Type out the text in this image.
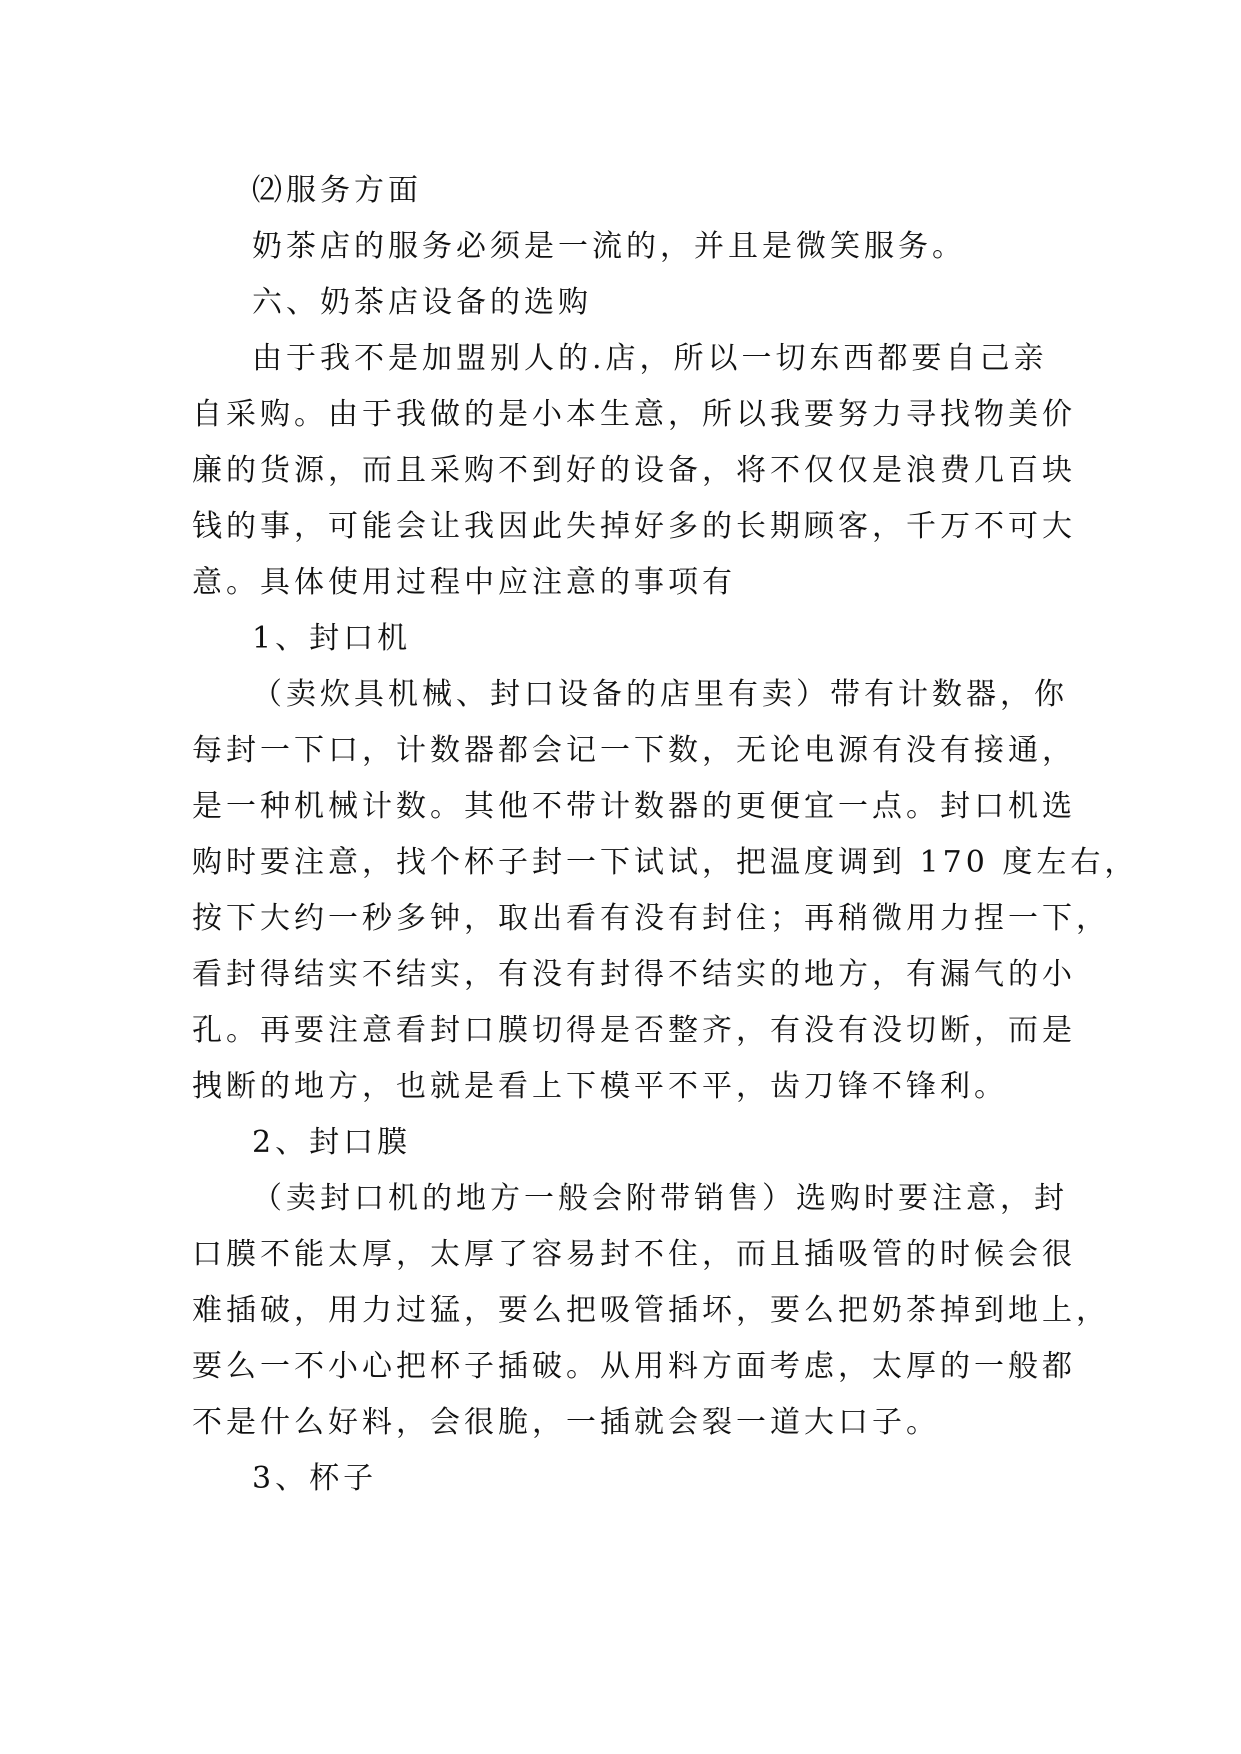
⑵服务方面
奶茶店的服务必须是一流的，并且是微笑服务。
六、奶茶店设备的选购
由于我不是加盟别人的.店，所以一切东西都要自己亲
自采购。由于我做的是小本生意，所以我要努力寻找物美价
廉的货源，而且采购不到好的设备，将不仅仅是浪费几百块
钱的事，可能会让我因此失掉好多的长期顾客，千万不可大
意。具体使用过程中应注意的事项有
1、封口机
（卖炊具机械、封口设备的店里有卖）带有计数器，你
每封一下口，计数器都会记一下数，无论电源有没有接通，
是一种机械计数。其他不带计数器的更便宜一点。封口机选
购时要注意，找个杯子封一下试试，把温度调到 170 度左右，
按下大约一秒多钟，取出看有没有封住；再稍微用力捏一下，
看封得结实不结实，有没有封得不结实的地方，有漏气的小
孔。再要注意看封口膜切得是否整齐，有没有没切断，而是
拽断的地方，也就是看上下模平不平，齿刀锋不锋利。
2、封口膜
（卖封口机的地方一般会附带销售）选购时要注意，封
口膜不能太厚，太厚了容易封不住，而且插吸管的时候会很
难插破，用力过猛，要么把吸管插坏，要么把奶茶掉到地上，
要么一不小心把杯子插破。从用料方面考虑，太厚的一般都
不是什么好料，会很脆，一插就会裂一道大口子。
3、杯子
